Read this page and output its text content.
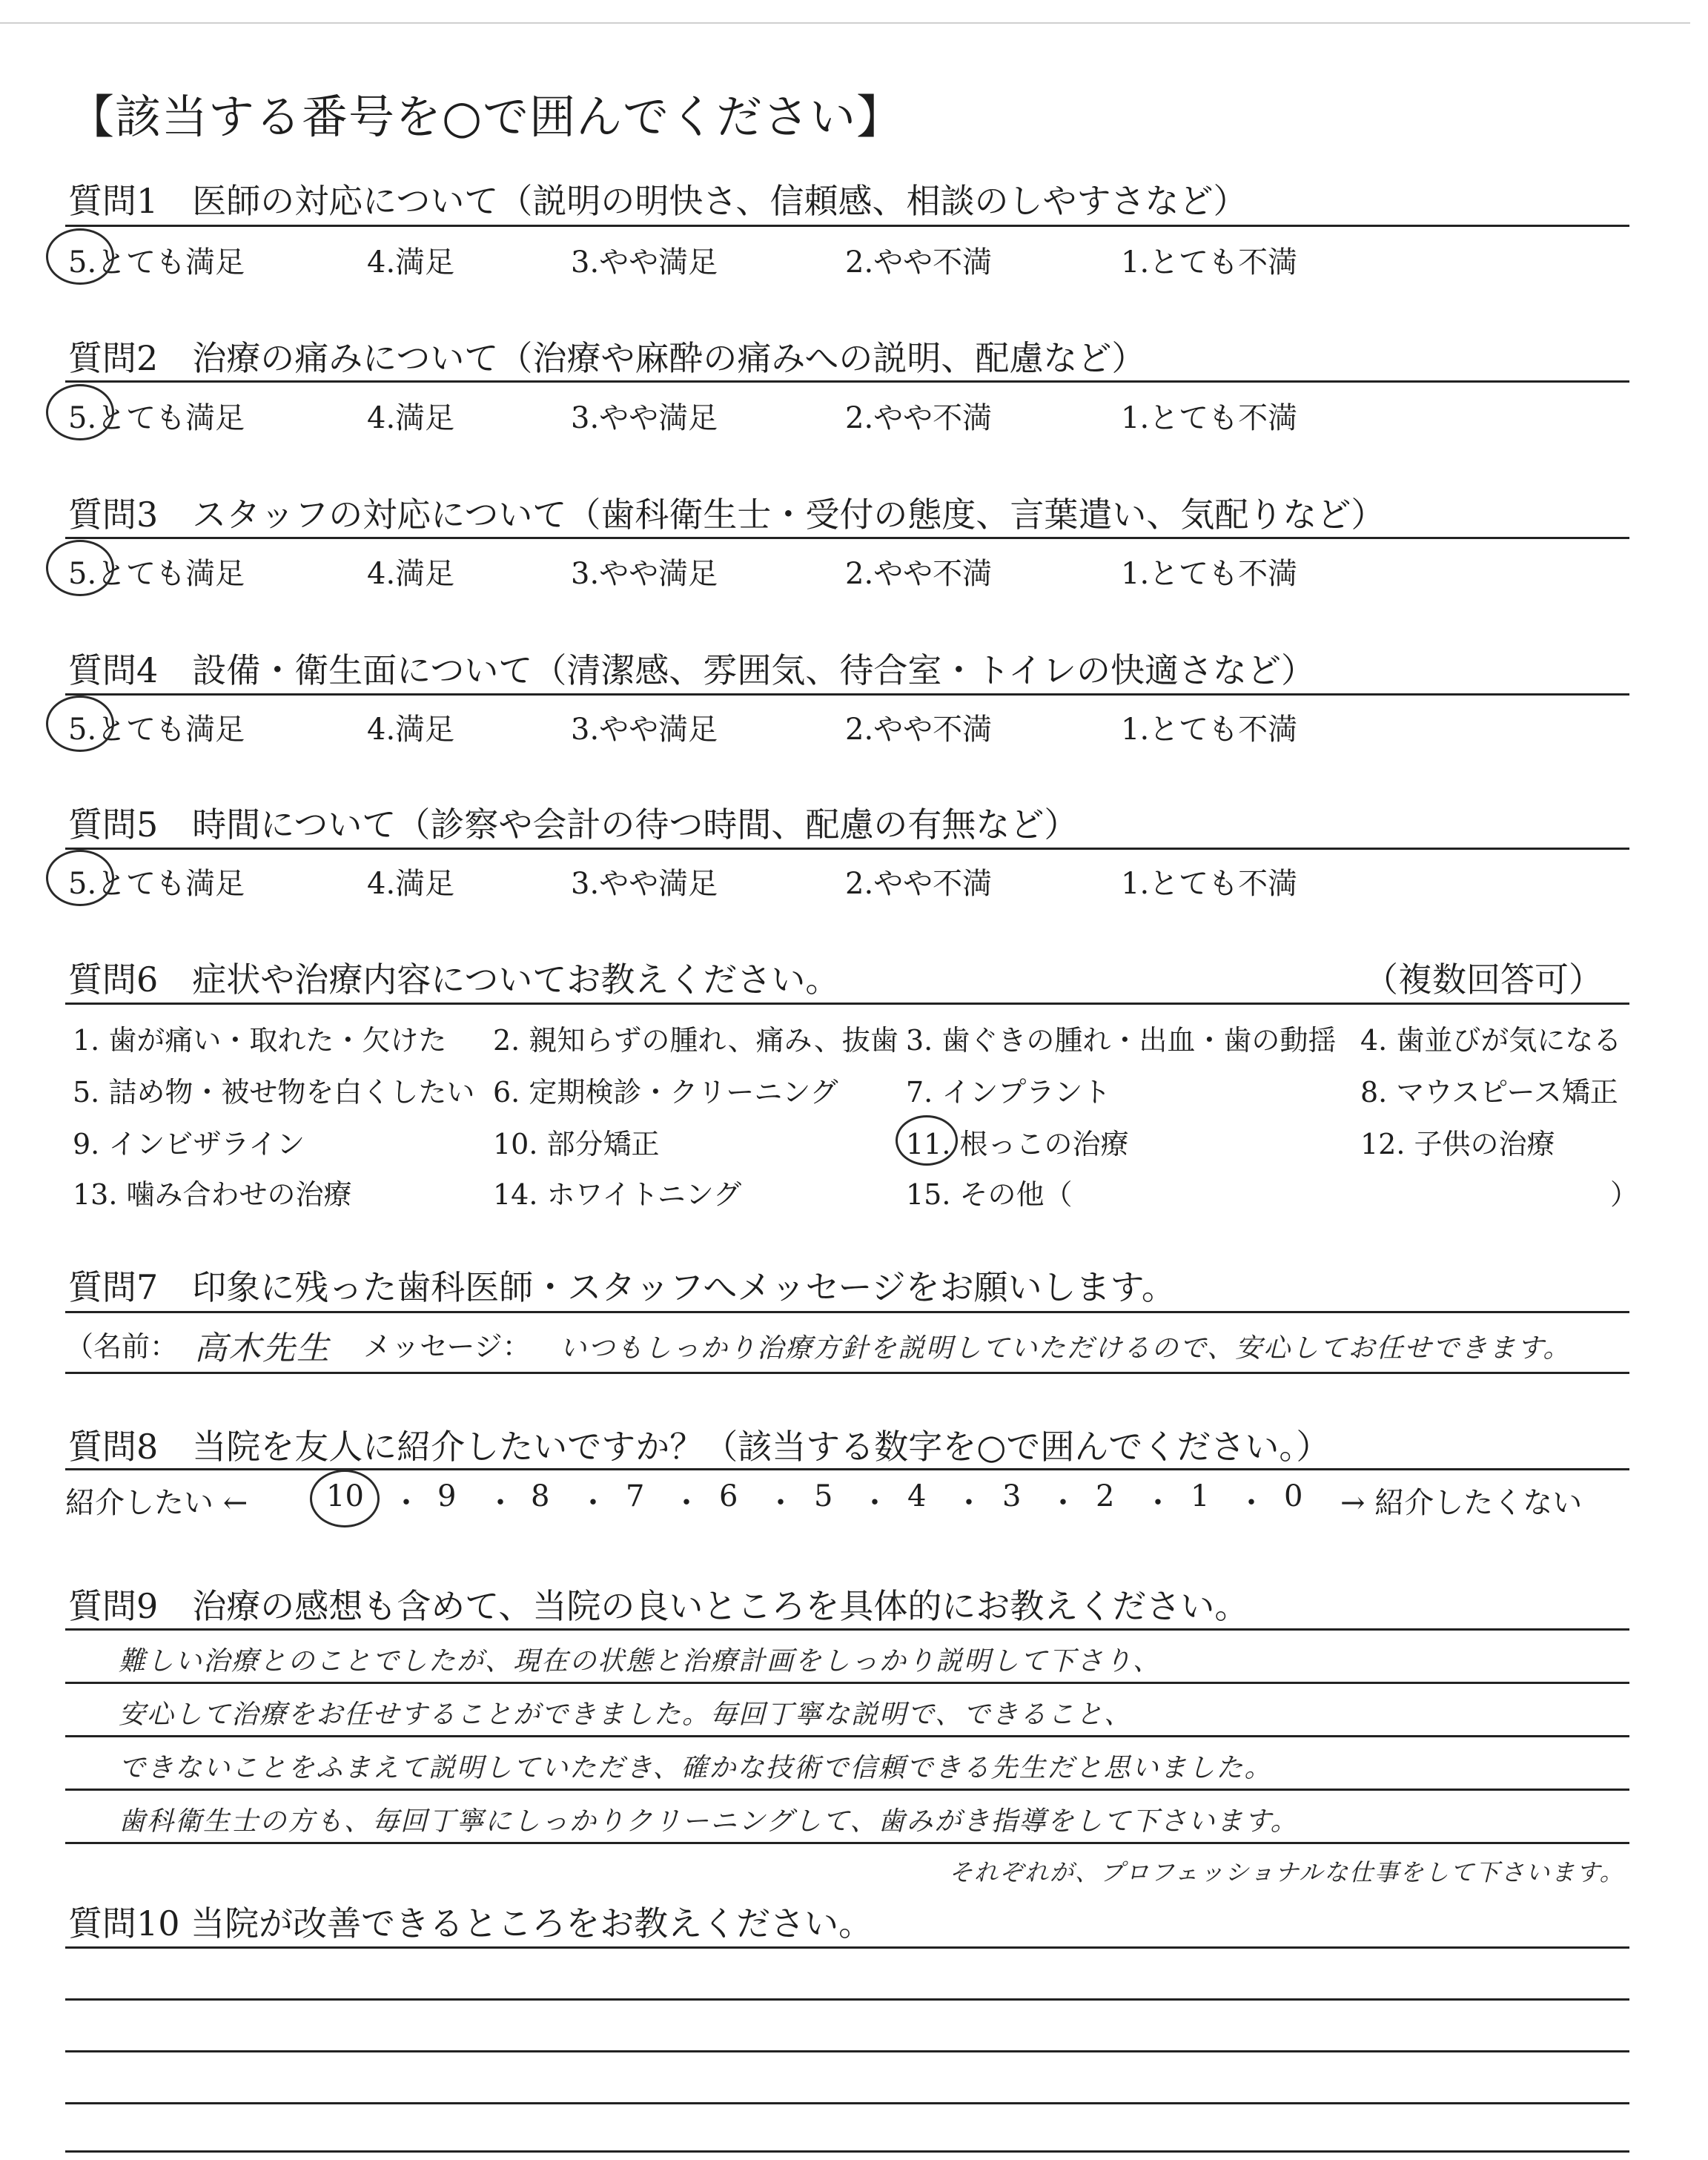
【該当する番号を○で囲んでください】
質問1　医師の対応について（説明の明快さ、信頼感、相談のしやすさなど）
5.とても満足	4.満足	3.やや満足	2.やや不満	1.とても不満
質問2　治療の痛みについて（治療や麻酔の痛みへの説明、配慮など）
5.とても満足	4.満足	3.やや満足	2.やや不満	1.とても不満
質問3　スタッフの対応について（歯科衛生士・受付の態度、言葉遣い、気配りなど）
5.とても満足	4.満足	3.やや満足	2.やや不満	1.とても不満
質問4　設備・衛生面について（清潔感、雰囲気、待合室・トイレの快適さなど）
5.とても満足	4.満足	3.やや満足	2.やや不満	1.とても不満
質問5　時間について（診察や会計の待つ時間、配慮の有無など）
5.とても満足	4.満足	3.やや満足	2.やや不満	1.とても不満
質問6　症状や治療内容についてお教えください。	（複数回答可）
1. 歯が痛い・取れた・欠けた 2. 親知らずの腫れ、痛み、抜歯 3. 歯ぐきの腫れ・出血・歯の動揺 4. 歯並びが気になる
5. 詰め物・被せ物を白くしたい 6. 定期検診・クリーニング 7. インプラント	8. マウスピース矯正
9. インビザライン	10. 部分矯正	11. 根っこの治療	12. 子供の治療
13. 噛み合わせの治療	14. ホワイトニング	15. その他（	）
質問7　印象に残った歯科医師・スタッフへメッセージをお願いします。
（名前： 高木先生 メッセージ： いつもしっかり治療方針を説明していただけるので、安心してお任せできます。
質問8　当院を友人に紹介したいですか？（該当する数字を○で囲んでください。）
紹介したい ←	10 ・ 9 ・ 8 ・ 7 ・ 6 ・ 5 ・ 4 ・ 3 ・ 2 ・ 1 ・ 0 → 紹介したくない
質問9　治療の感想も含めて、当院の良いところを具体的にお教えください。
難しい治療とのことでしたが、現在の状態と治療計画をしっかり説明して下さり、
安心して治療をお任せすることができました。毎回丁寧な説明で、できること、
できないことをふまえて説明していただき、確かな技術で信頼できる先生だと思いました。
歯科衛生士の方も、毎回丁寧にしっかりクリーニングして、歯みがき指導をして下さいます。
それぞれが、プロフェッショナルな仕事をして下さいます。
質問10 当院が改善できるところをお教えください。
